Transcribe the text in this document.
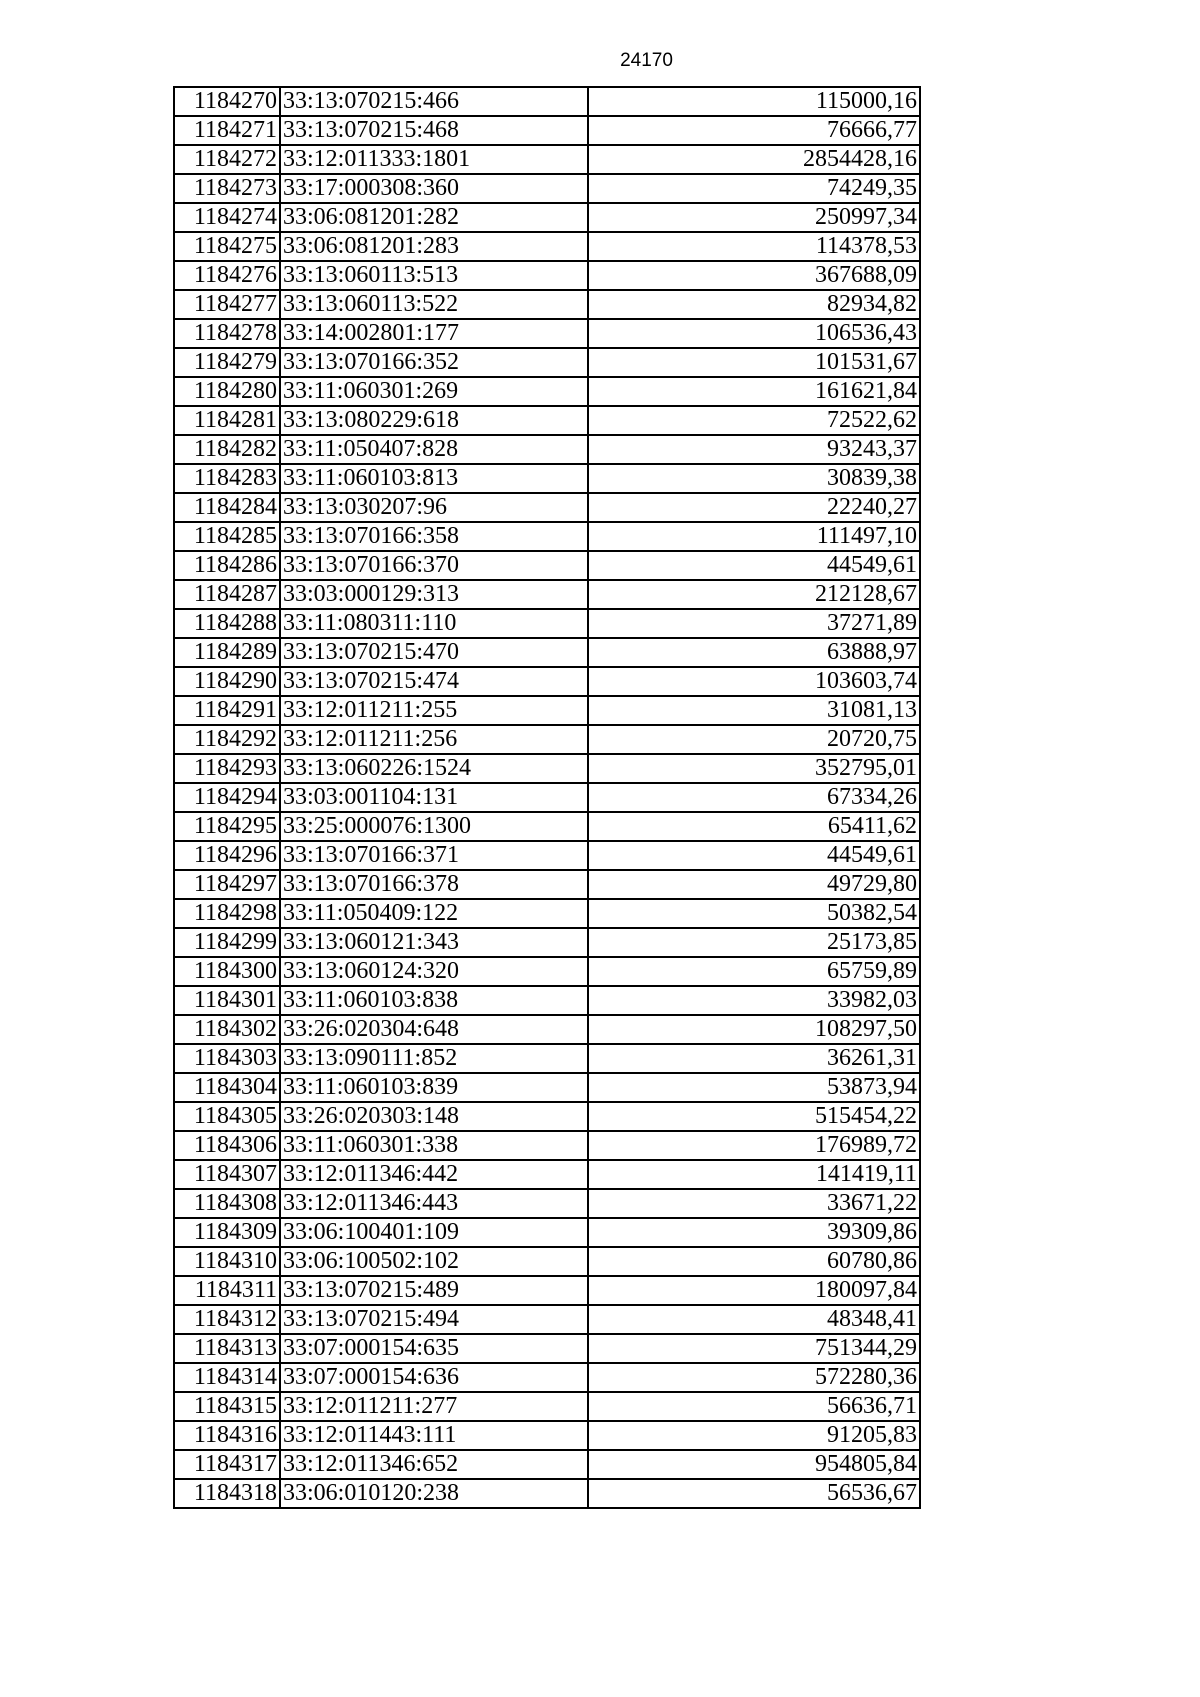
24170
1184270	33:13:070215:466	115000,16
1184271	33:13:070215:468	76666,77
1184272	33:12:011333:1801	2854428,16
1184273	33:17:000308:360	74249,35
1184274	33:06:081201:282	250997,34
1184275	33:06:081201:283	114378,53
1184276	33:13:060113:513	367688,09
1184277	33:13:060113:522	82934,82
1184278	33:14:002801:177	106536,43
1184279	33:13:070166:352	101531,67
1184280	33:11:060301:269	161621,84
1184281	33:13:080229:618	72522,62
1184282	33:11:050407:828	93243,37
1184283	33:11:060103:813	30839,38
1184284	33:13:030207:96	22240,27
1184285	33:13:070166:358	111497,10
1184286	33:13:070166:370	44549,61
1184287	33:03:000129:313	212128,67
1184288	33:11:080311:110	37271,89
1184289	33:13:070215:470	63888,97
1184290	33:13:070215:474	103603,74
1184291	33:12:011211:255	31081,13
1184292	33:12:011211:256	20720,75
1184293	33:13:060226:1524	352795,01
1184294	33:03:001104:131	67334,26
1184295	33:25:000076:1300	65411,62
1184296	33:13:070166:371	44549,61
1184297	33:13:070166:378	49729,80
1184298	33:11:050409:122	50382,54
1184299	33:13:060121:343	25173,85
1184300	33:13:060124:320	65759,89
1184301	33:11:060103:838	33982,03
1184302	33:26:020304:648	108297,50
1184303	33:13:090111:852	36261,31
1184304	33:11:060103:839	53873,94
1184305	33:26:020303:148	515454,22
1184306	33:11:060301:338	176989,72
1184307	33:12:011346:442	141419,11
1184308	33:12:011346:443	33671,22
1184309	33:06:100401:109	39309,86
1184310	33:06:100502:102	60780,86
1184311	33:13:070215:489	180097,84
1184312	33:13:070215:494	48348,41
1184313	33:07:000154:635	751344,29
1184314	33:07:000154:636	572280,36
1184315	33:12:011211:277	56636,71
1184316	33:12:011443:111	91205,83
1184317	33:12:011346:652	954805,84
1184318	33:06:010120:238	56536,67
